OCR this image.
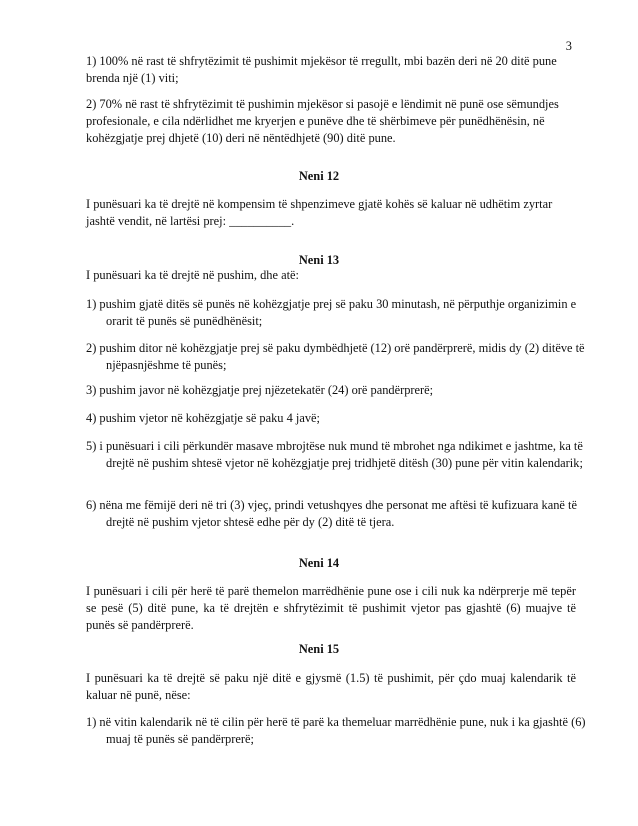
3

1) 100% në rast të shfrytëzimit të pushimit mjekësor të rregullt, mbi bazën deri në 20 ditë pune brenda një (1) viti;

2) 70% në rast të shfrytëzimit të pushimin mjekësor si pasojë e lëndimit në punë ose sëmundjes profesionale, e cila ndërlidhet me kryerjen e punëve dhe të shërbimeve për punëdhënësin, në kohëzgjatje prej dhjetë (10) deri në nëntëdhjetë (90) ditë pune.

Neni 12

I punësuari ka të drejtë në kompensim të shpenzimeve gjatë kohës së kaluar në udhëtim zyrtar jashtë vendit, në lartësi prej: __________.

Neni 13

I punësuari ka të drejtë në pushim, dhe atë:

1) pushim gjatë ditës së punës në kohëzgjatje prej së paku 30 minutash, në përputhje organizimin e orarit të punës së punëdhënësit;

2) pushim ditor në kohëzgjatje prej së paku dymbëdhjetë (12) orë pandërprerë, midis dy (2) ditëve të njëpasnjëshme të punës;

3) pushim javor në kohëzgjatje prej njëzetekatër (24) orë pandërprerë;

4) pushim vjetor në kohëzgjatje së paku 4 javë;

5) i punësuari i cili përkundër masave mbrojtëse nuk mund të mbrohet nga ndikimet e jashtme, ka të drejtë në pushim shtesë vjetor në kohëzgjatje prej tridhjetë ditësh (30) pune për vitin kalendarik;

6) nëna me fëmijë deri në tri (3) vjeç, prindi vetushqyes dhe personat me aftësi të kufizuara kanë të drejtë në pushim vjetor shtesë edhe për dy (2) ditë të tjera.

Neni 14

I punësuari i cili për herë të parë themelon marrëdhënie pune ose i cili nuk ka ndërprerje më tepër se pesë (5) ditë pune, ka të drejtën e shfrytëzimit të pushimit vjetor pas gjashtë (6) muajve të punës së pandërprerë.

Neni 15

I punësuari ka të drejtë së paku një ditë e gjysmë (1.5) të pushimit, për çdo muaj kalendarik të kaluar në punë, nëse:

1) në vitin kalendarik në të cilin për herë të parë ka themeluar marrëdhënie pune, nuk i ka gjashtë (6) muaj të punës së pandërprerë;
